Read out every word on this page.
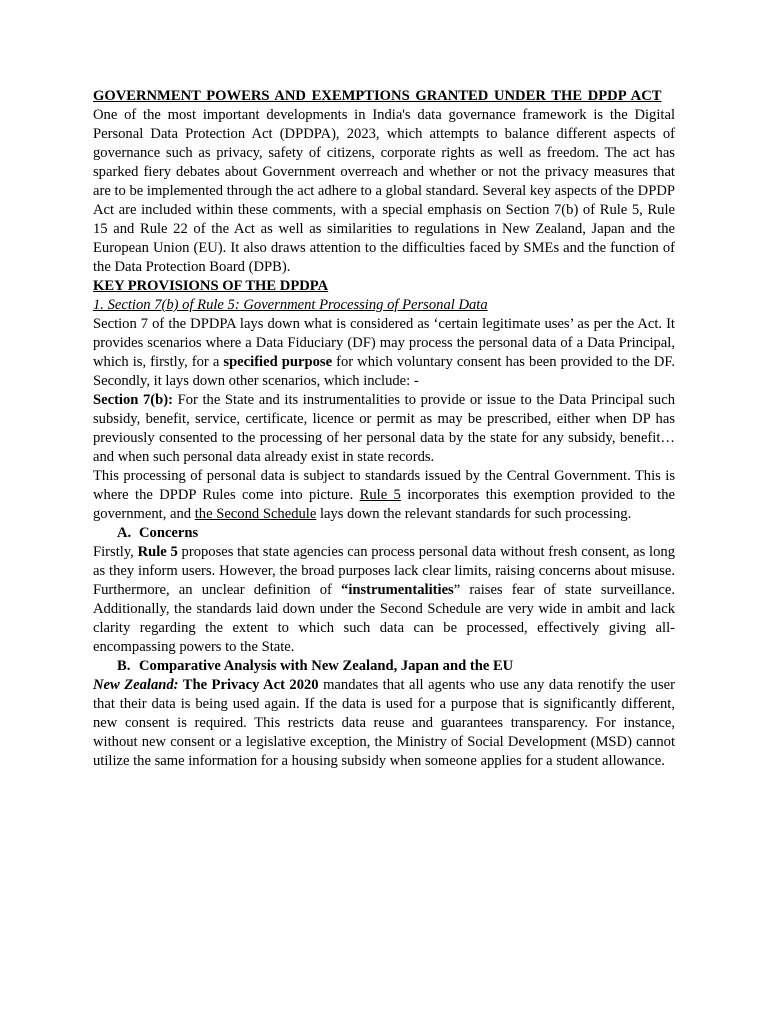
GOVERNMENT POWERS AND EXEMPTIONS GRANTED UNDER THE DPDP ACT

One of the most important developments in India's data governance framework is the Digital Personal Data Protection Act (DPDPA), 2023, which attempts to balance different aspects of governance such as privacy, safety of citizens, corporate rights as well as freedom. The act has sparked fiery debates about Government overreach and whether or not the privacy measures that are to be implemented through the act adhere to a global standard. Several key aspects of the DPDP Act are included within these comments, with a special emphasis on Section 7(b) of Rule 5, Rule 15 and Rule 22 of the Act as well as similarities to regulations in New Zealand, Japan and the European Union (EU). It also draws attention to the difficulties faced by SMEs and the function of the Data Protection Board (DPB).

KEY PROVISIONS OF THE DPDPA

1. Section 7(b) of Rule 5: Government Processing of Personal Data

Section 7 of the DPDPA lays down what is considered as ‘certain legitimate uses’ as per the Act. It provides scenarios where a Data Fiduciary (DF) may process the personal data of a Data Principal, which is, firstly, for a specified purpose for which voluntary consent has been provided to the DF. Secondly, it lays down other scenarios, which include: -

Section 7(b): For the State and its instrumentalities to provide or issue to the Data Principal such subsidy, benefit, service, certificate, licence or permit as may be prescribed, either when DP has previously consented to the processing of her personal data by the state for any subsidy, benefit…and when such personal data already exist in state records.

This processing of personal data is subject to standards issued by the Central Government. This is where the DPDP Rules come into picture. Rule 5 incorporates this exemption provided to the government, and the Second Schedule lays down the relevant standards for such processing.

A. Concerns

Firstly, Rule 5 proposes that state agencies can process personal data without fresh consent, as long as they inform users. However, the broad purposes lack clear limits, raising concerns about misuse. Furthermore, an unclear definition of “instrumentalities” raises fear of state surveillance. Additionally, the standards laid down under the Second Schedule are very wide in ambit and lack clarity regarding the extent to which such data can be processed, effectively giving all-encompassing powers to the State.

B. Comparative Analysis with New Zealand, Japan and the EU

New Zealand: The Privacy Act 2020 mandates that all agents who use any data renotify the user that their data is being used again. If the data is used for a purpose that is significantly different, new consent is required. This restricts data reuse and guarantees transparency. For instance, without new consent or a legislative exception, the Ministry of Social Development (MSD) cannot utilize the same information for a housing subsidy when someone applies for a student allowance.
